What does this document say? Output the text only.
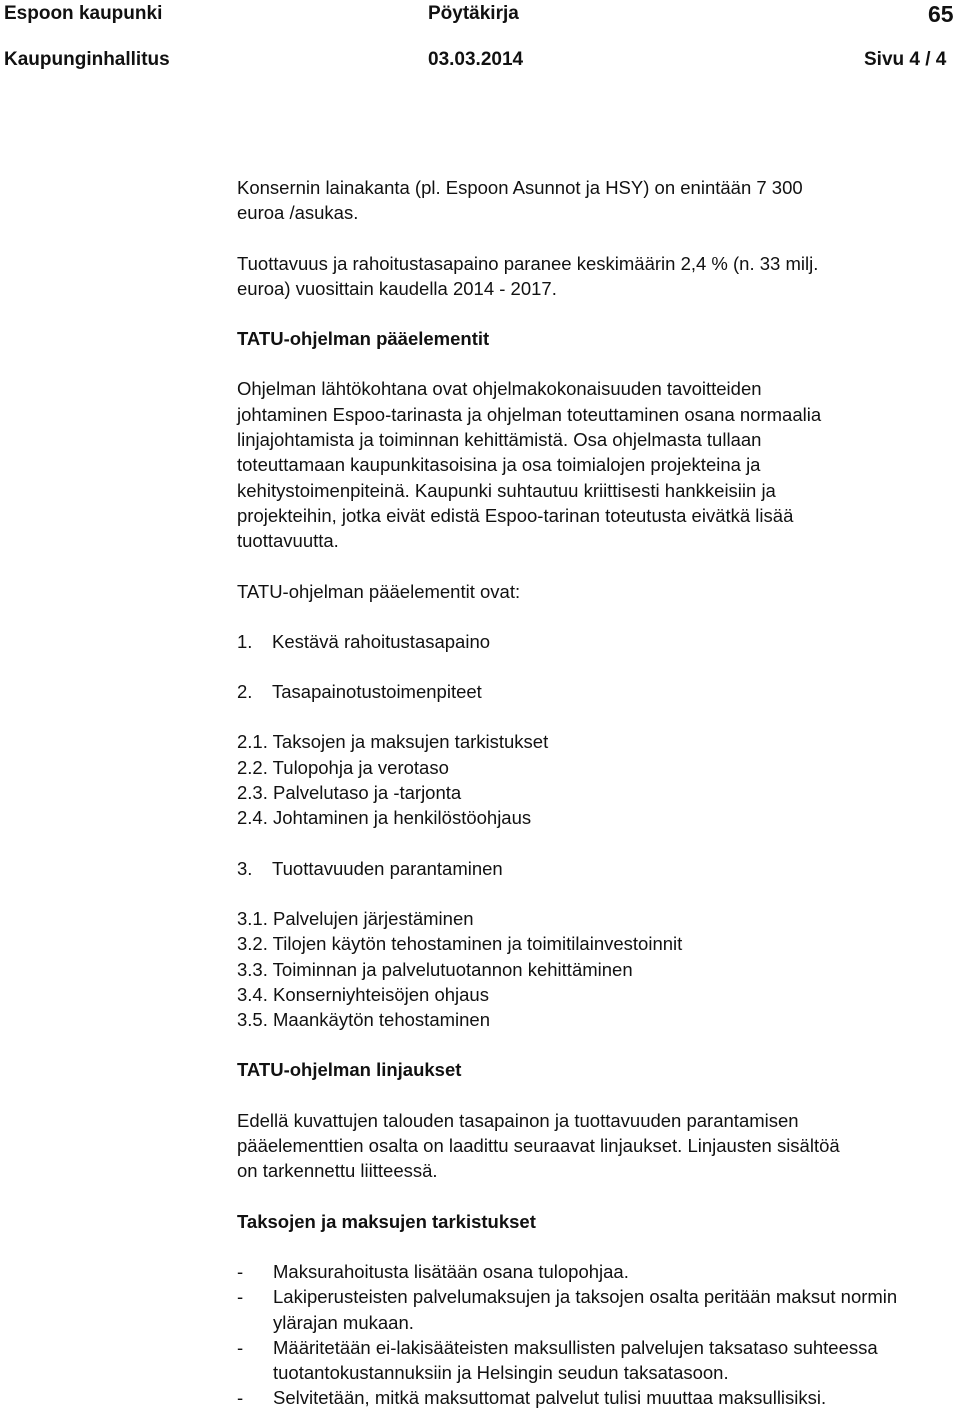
Espoon kaupunki	Pöytäkirja	65
Kaupunginhallitus	03.03.2014	Sivu 4 / 4

Konsernin lainakanta (pl. Espoon Asunnot ja HSY) on enintään 7 300

euroa /asukas.

Tuottavuus ja rahoitustasapaino paranee keskimäärin 2,4 % (n. 33 milj.

euroa) vuosittain kaudella 2014 - 2017.

TATU-ohjelman pääelementit

Ohjelman lähtökohtana ovat ohjelmakokonaisuuden tavoitteiden

johtaminen Espoo-tarinasta ja ohjelman toteuttaminen osana normaalia

linjajohtamista ja toiminnan kehittämistä. Osa ohjelmasta tullaan

toteuttamaan kaupunkitasoisina ja osa toimialojen projekteina ja

kehitystoimenpiteinä. Kaupunki suhtautuu kriittisesti hankkeisiin ja

projekteihin, jotka eivät edistä Espoo-tarinan toteutusta eivätkä lisää

tuottavuutta.

TATU-ohjelman pääelementit ovat:

1. Kestävä rahoitustasapaino

2. Tasapainotustoimenpiteet

2.1. Taksojen ja maksujen tarkistukset

2.2. Tulopohja ja verotaso

2.3. Palvelutaso ja -tarjonta

2.4. Johtaminen ja henkilöstöohjaus

3. Tuottavuuden parantaminen

3.1. Palvelujen järjestäminen

3.2. Tilojen käytön tehostaminen ja toimitilainvestoinnit

3.3. Toiminnan ja palvelutuotannon kehittäminen

3.4. Konserniyhteisöjen ohjaus

3.5. Maankäytön tehostaminen

TATU-ohjelman linjaukset

Edellä kuvattujen talouden tasapainon ja tuottavuuden parantamisen

pääelementtien osalta on laadittu seuraavat linjaukset. Linjausten sisältöä

on tarkennettu liitteessä.

Taksojen ja maksujen tarkistukset

-	Maksurahoitusta lisätään osana tulopohjaa.
-	Lakiperusteisten palvelumaksujen ja taksojen osalta peritään maksut normin ylärajan mukaan.
-	Määritetään ei-lakisääteisten maksullisten palvelujen taksataso suhteessa tuotantokustannuksiin ja Helsingin seudun taksatasoon.
-	Selvitetään, mitkä maksuttomat palvelut tulisi muuttaa maksullisiksi.
